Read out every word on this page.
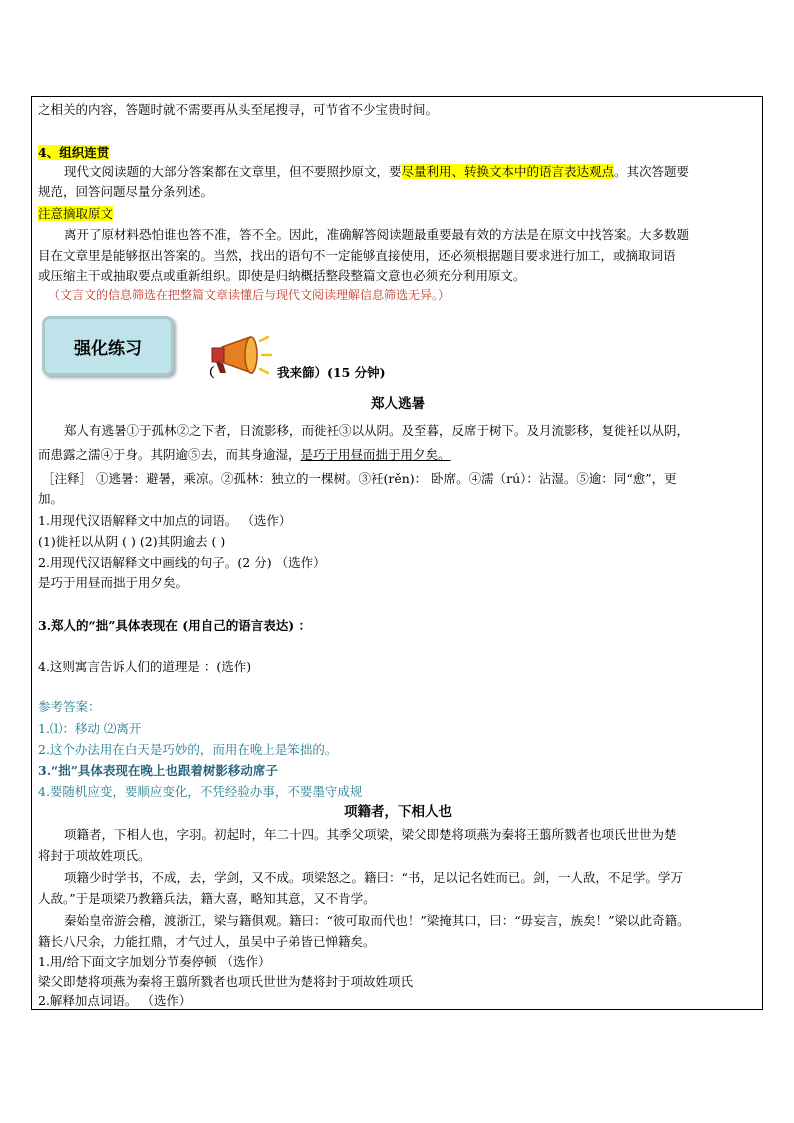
之相关的内容，答题时就不需要再从头至尾搜寻，可节省不少宝贵时间。
4、组织连贯
现代文阅读题的大部分答案都在文章里，但不要照抄原文，要尽量利用、转换文本中的语言表达观点。其次答题要
规范，回答问题尽量分条列述。
注意摘取原文
离开了原材料恐怕谁也答不准，答不全。因此，准确解答阅读题最重要最有效的方法是在原文中找答案。大多数题
目在文章里是能够抠出答案的。当然，找出的语句不一定能够直接使用，还必须根据题目要求进行加工，或摘取词语
或压缩主干或抽取要点或重新组织。即使是归纳概括整段整篇文意也必须充分利用原文。
（文言文的信息筛选在把整篇文章读懂后与现代文阅读理解信息筛选无异。）
强化练习
（	我来篩）(15 分钟)
郑人逃暑
郑人有逃暑①于孤林②之下者，日流影移，而徙衽③以从阴。及至暮，反席于树下。及月流影移，复徙衽以从阴，
而患露之濡④于身。其阴逾⑤去，而其身逾湿，是巧于用昼而拙于用夕矣。
［注释］ ①逃暑：避暑，乘凉。②孤林：独立的一棵树。③衽(rěn)： 卧席。④濡（rú）：沾湿。⑤逾：同“愈”，更
加。
1.用现代汉语解释文中加点的词语。 （选作）
(1)徙衽以从阴 ( ) (2)其阴逾去 ( )
2.用现代汉语解释文中画线的句子。(2 分) （选作）
是巧于用昼而拙于用夕矣。
3.郑人的“拙”具体表现在 (用自己的语言表达) ：
4.这则寓言告诉人们的道理是 ：(选作)
参考答案：
1.⑴：移动 ⑵离开
2.这个办法用在白天是巧妙的，而用在晚上是笨拙的。
3.“拙”具体表现在晚上也跟着树影移动席子
4.要随机应变，要顺应变化，不凭经验办事，不要墨守成规
项籍者，下相人也
项籍者，下相人也，字羽。初起时，年二十四。其季父项梁，梁父即楚将项燕为秦将王翦所戮者也项氏世世为楚
将封于项故姓项氏。
项籍少时学书，不成，去，学剑，又不成。项梁怒之。籍曰：“书，足以记名姓而已。剑，一人敌，不足学。学万
人敌。”于是项梁乃教籍兵法，籍大喜，略知其意，又不肯学。
秦始皇帝游会稽，渡浙江，梁与籍俱观。籍曰：“彼可取而代也！”梁掩其口，曰：“毋妄言，族矣！”梁以此奇籍。
籍长八尺余，力能扛鼎，才气过人，虽吴中子弟皆已惮籍矣。
1.用/给下面文字加划分节奏停顿 （选作）
梁父即楚将项燕为秦将王翦所戮者也项氏世世为楚将封于项故姓项氏
2.解释加点词语。 （选作）
